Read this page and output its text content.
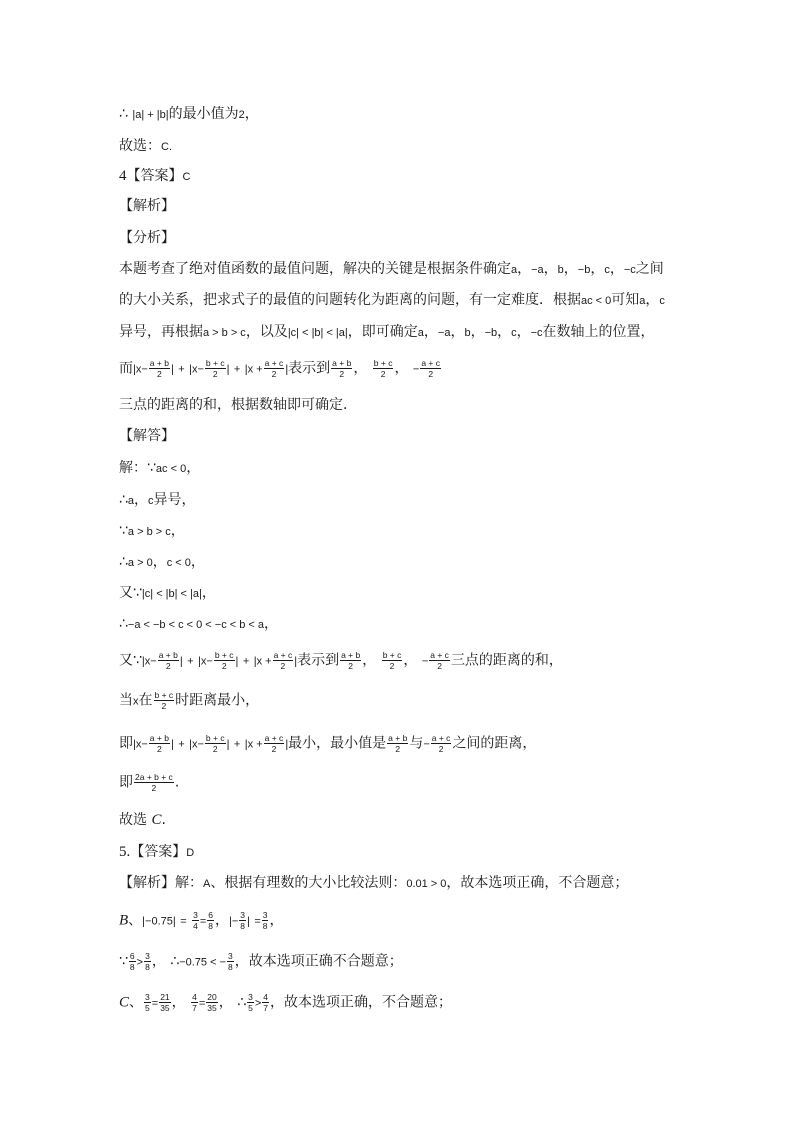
∴ |a| + |b|的最小值为2，
故选：C.
4【答案】C
【解析】
【分析】
本题考查了绝对值函数的最值问题，解决的关键是根据条件确定a，−a，b，−b，c，−c之间
的大小关系，把求式子的最值的问题转化为距离的问题，有一定难度．根据ac < 0可知a，c
异号，再根据a > b > c，以及|c| < |b| < |a|，即可确定a，−a，b，−b，c，−c在数轴上的位置，
而$|x- \frac{a + b}{2}$ | + $|x- \frac{b + c}{2}$ | + $|x + \frac{a + c}{2}$ |表示到 $\frac{a + b}{2}$ ， $\frac{b + c}{2}$ ， − $\frac{a + c}{2}$
三点的距离的和，根据数轴即可确定．
【解答】
解：∵ac < 0，
∴a，c异号，
∵a > b > c，
∴a > 0，c < 0，
又∵|c| < |b| < |a|，
∴−a < −b < c < 0 < −c < b < a，
又∵|x− $\frac{a + b}{2}$ | + $|x- \frac{b + c}{2}$ | + $|x + \frac{a + c}{2}$ |表示到 $\frac{a + b}{2}$ ， $\frac{b + c}{2}$ ， − $\frac{a + c}{2}$ 三点的距离的和，
当x在 $\frac{b + c}{2}$ 时距离最小，
即$|x- \frac{a + b}{2}$ | + $|x- \frac{b + c}{2}$ | + $|x + \frac{a + c}{2}$ |最小，最小值是 $\frac{a + b}{2}$ 与− $\frac{a + c}{2}$ 之间的距离，
即 $\frac{2a + b + c}{2}$ .
故选 C.
5.【答案】D
【解析】解：A、根据有理数的大小比较法则：0.01 > 0，故本选项正确，不合题意；
B、$|-0.75| = \frac{3}{4} = \frac{6}{8}$ ，|− $\frac{3}{8}$ | = $\frac{3}{8}$ ，
∵ $\frac{6}{8} > \frac{3}{8}$ ， ∴−0.75 < − $\frac{3}{8}$ ，故本选项正确不合题意；
C、 $\frac{3}{5} = \frac{21}{35}$ ， $\frac{4}{7} = \frac{20}{35}$ ， ∴ $\frac{3}{5} > \frac{4}{7}$ ，故本选项正确，不合题意；
